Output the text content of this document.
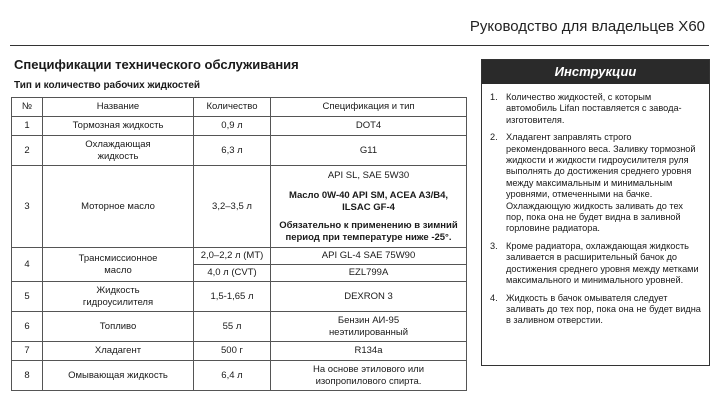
Руководство для владельцев X60
Спецификации технического обслуживания
Тип и количество рабочих жидкостей
№	Название	Количество	Спецификация и тип
1	Тормозная жидкость	0,9 л	DOT4
2	Охлаждающая жидкость	6,3 л	G11
3	Моторное масло	3,2–3,5 л	API SL, SAE 5W30
Масло 0W-40 API SM, ACEA A3/B4, ILSAC GF-4
Обязательно к применению в зимний период при температуре ниже -25°.

4	Трансмиссионное масло	2,0–2,2 л (MT)	API GL-4 SAE 75W90
		4,0 л (CVT)	EZL799A
5	Жидкость гидроусилителя	1,5-1,65 л	DEXRON 3
6	Топливо	55 л	Бензин АИ-95 неэтилированный

7	Хладагент	500 г	R134a
8	Омывающая жидкость	6,4 л	На основе этилового или изопропилового спирта.
Инструкции
1. Количество жидкостей, с которым автомобиль Lifan поставляется с завода-изготовителя.
2. Хладагент заправлять строго рекомендованного веса. Заливку тормозной жидкости и жидкости гидроусилителя руля выполнять до достижения среднего уровня между максимальным и минимальным уровнями, отмеченными на бачке. Охлаждающую жидкость заливать до тех пор, пока она не будет видна в заливной горловине радиатора.
3. Кроме радиатора, охлаждающая жидкость заливается в расширительный бачок до достижения среднего уровня между метками максимального и минимального уровней.
4. Жидкость в бачок омывателя следует заливать до тех пор, пока она не будет видна в заливном отверстии.
